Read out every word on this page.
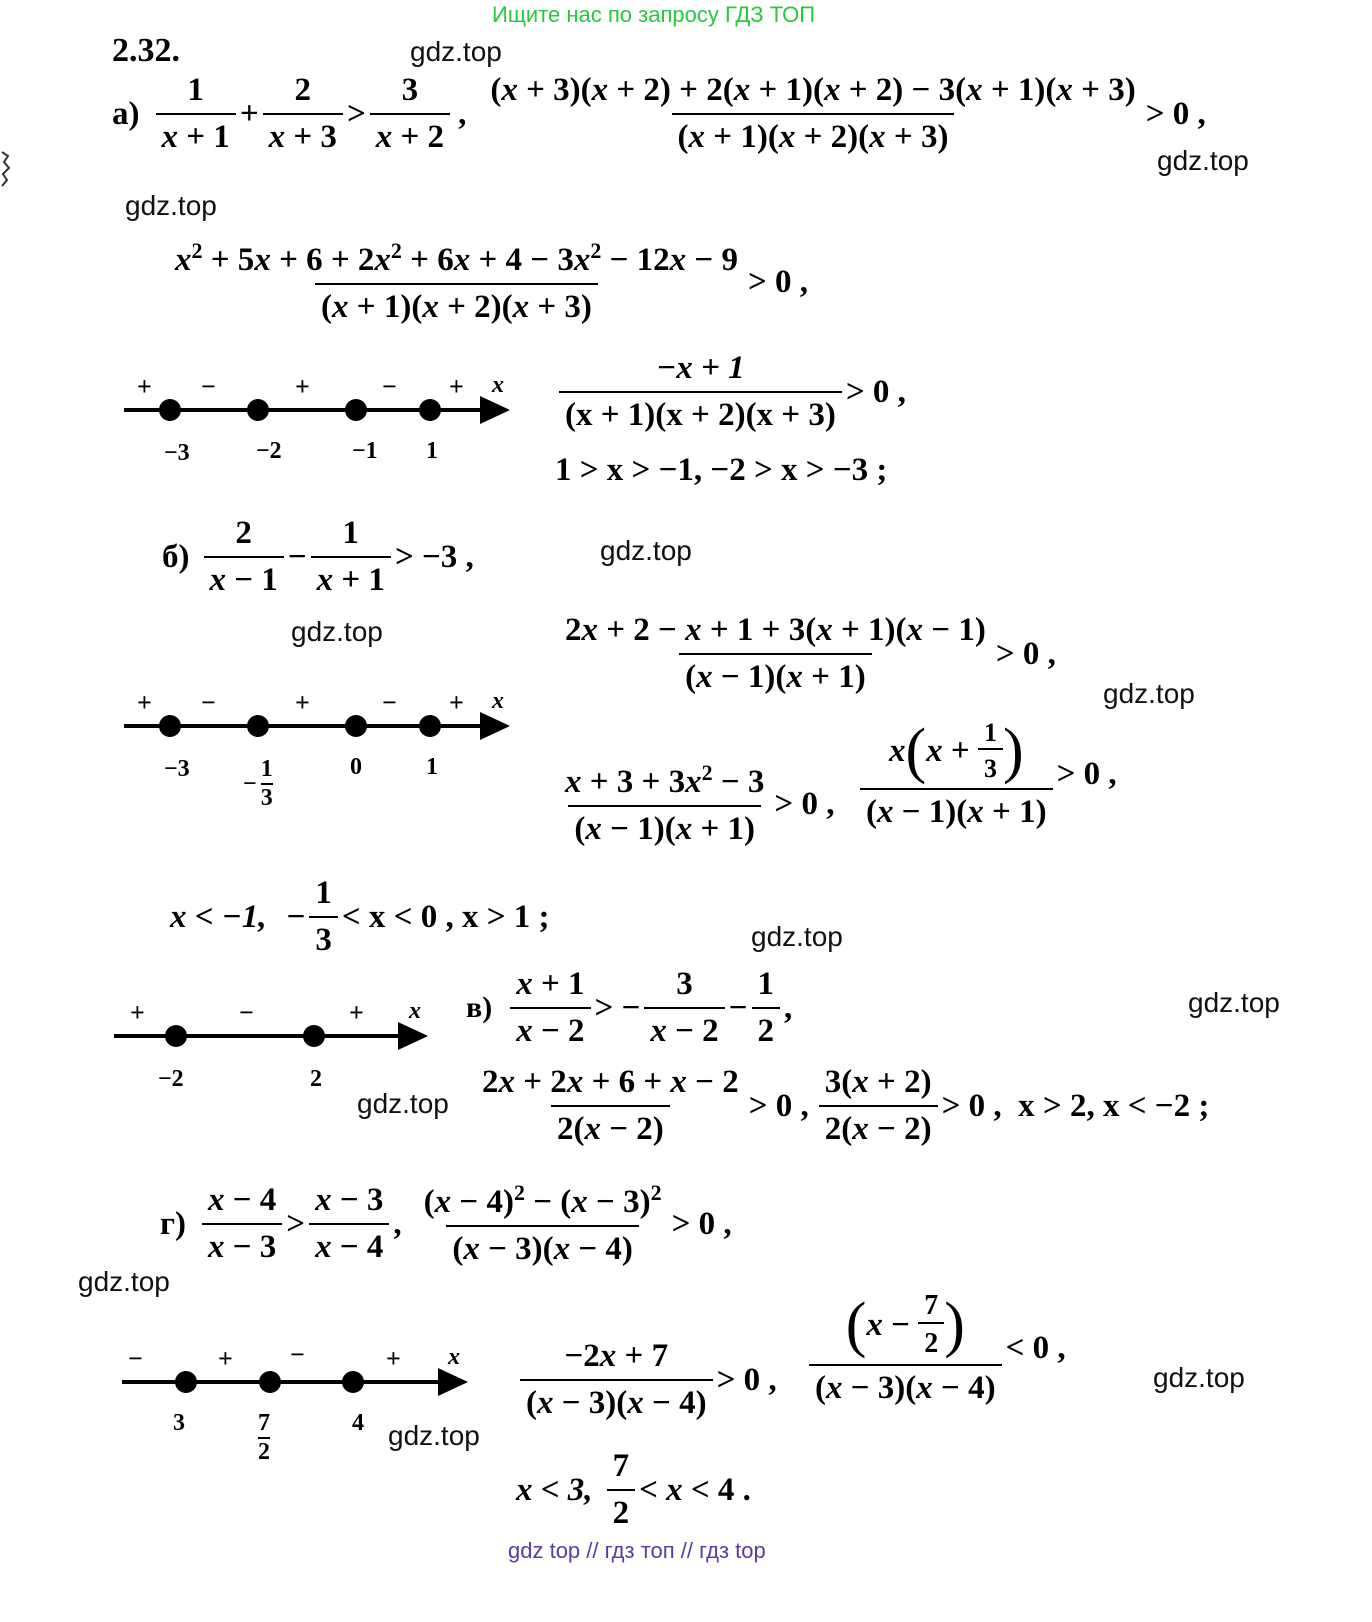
Ищите нас по запросу ГДЗ ТОП
2.32.	gdz.top
gdz.top
gdz.top
gdz.top
gdz.top
gdz.top
gdz.top
gdz.top
gdz.top
gdz.top
gdz.top
gdz.top
$а) \frac{1}{x + 1} + \frac{2}{x + 3} > \frac{3}{x + 2}$ , $\frac{(x + 3)(x + 2) + 2(x + 1)(x + 2) - 3(x + 1)(x + 3)}{(x + 1)(x + 2)(x + 3)} > 0$ ,
$\frac{x^2 + 5x + 6 + 2x^2 + 6x + 4 - 3x^2 - 12x - 9}{(x + 1)(x + 2)(x + 3)} > 0$ ,
+ −	+	− + x
−3	−2	−1 1
$\frac{-x + 1}{(x + 1)(x + 2)(x + 3)} > 0$ ,
1 > x > −1, −2 > x > −3 ;
$б) \frac{2}{x - 1} - \frac{1}{x + 1} > -3$ ,
$\frac{2x + 2 - x + 1 + 3(x + 1)(x - 1)}{(x - 1)(x + 1)} > 0$ ,
+ −	+	− + x
−3
− $\frac{1}{3}$	0	1	$\frac{x + 3 + 3x^2 - 3}{(x - 1)(x + 1)} > 0$ , $\frac{x ( x + \frac{1}{3} )}{(x - 1)(x + 1)} > 0$ ,
x < −1, − $\frac{1}{3} < x < 0$ , x > 1 ;
+	−	+ x
−2	2
$в) \frac{x + 1}{x - 2}$ > − $\frac{3}{x - 2} - \frac{1}{2}$ ,
$\frac{2x + 2x + 6 + x - 2}{2(x - 2)} > 0$ , $\frac{3(x + 2)}{2(x - 2)} > 0$ , x > 2, x < −2 ;
$г) \frac{x - 4}{x - 3} > \frac{x - 3}{x - 4}$ , $\frac{(x - 4)^2 - (x - 3)^2}{(x - 3)(x - 4)} > 0$ ,
−	+ −	+ x
3	$\frac{7}{2}$	4
$\frac{-2x + 7}{(x - 3)(x - 4)} > 0$ , $\frac{( x - \frac{7}{2} )}{(x - 3)(x - 4)} < 0$ ,
x < 3, $\frac{7}{2} < x < 4$ .
gdz top // гдз топ // гдз top
